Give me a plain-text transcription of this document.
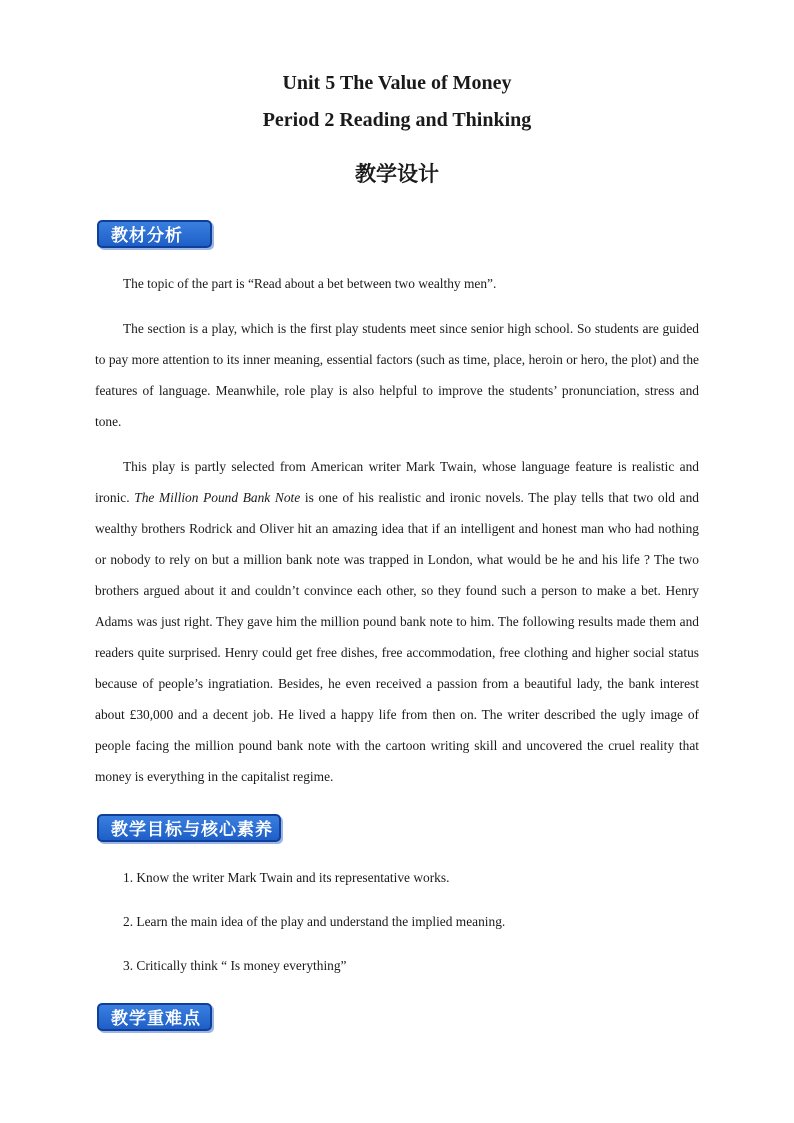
Unit 5 The Value of Money
Period 2 Reading and Thinking
教学设计
教材分析

The topic of the part is “Read about a bet between two wealthy men”.

The section is a play, which is the first play students meet since senior high school. So students are guided to pay more attention to its inner meaning, essential factors (such as time, place, heroin or hero, the plot) and the features of language. Meanwhile, role play is also helpful to improve the students’ pronunciation, stress and tone.

This play is partly selected from American writer Mark Twain, whose language feature is realistic and ironic. The Million Pound Bank Note is one of his realistic and ironic novels. The play tells that two old and wealthy brothers Rodrick and Oliver hit an amazing idea that if an intelligent and honest man who had nothing or nobody to rely on but a million bank note was trapped in London, what would be he and his life ? The two brothers argued about it and couldn’t convince each other, so they found such a person to make a bet. Henry Adams was just right. They gave him the million pound bank note to him. The following results made them and readers quite surprised. Henry could get free dishes, free accommodation, free clothing and higher social status because of people’s ingratiation. Besides, he even received a passion from a beautiful lady, the bank interest about £30,000 and a decent job. He lived a happy life from then on. The writer described the ugly image of people facing the million pound bank note with the cartoon writing skill and uncovered the cruel reality that money is everything in the capitalist regime.

教学目标与核心素养

1. Know the writer Mark Twain and its representative works.

2. Learn the main idea of the play and understand the implied meaning.

3. Critically think “ Is money everything”

教学重难点
